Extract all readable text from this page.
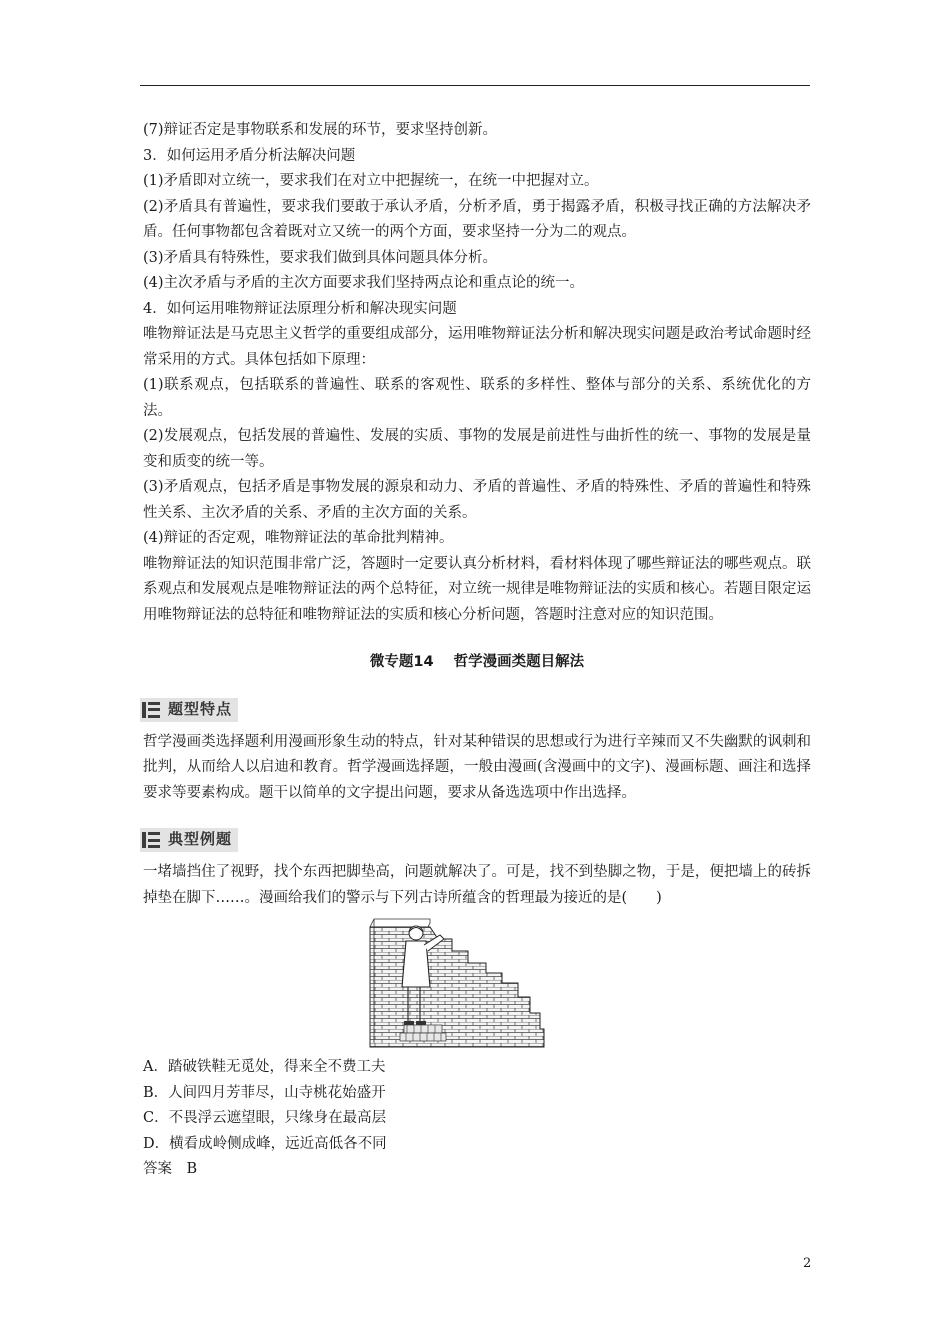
(7)辩证否定是事物联系和发展的环节，要求坚持创新。

3．如何运用矛盾分析法解决问题

(1)矛盾即对立统一，要求我们在对立中把握统一，在统一中把握对立。

(2)矛盾具有普遍性，要求我们要敢于承认矛盾，分析矛盾，勇于揭露矛盾，积极寻找正确的方法解决矛盾。任何事物都包含着既对立又统一的两个方面，要求坚持一分为二的观点。

(3)矛盾具有特殊性，要求我们做到具体问题具体分析。

(4)主次矛盾与矛盾的主次方面要求我们坚持两点论和重点论的统一。

4．如何运用唯物辩证法原理分析和解决现实问题

唯物辩证法是马克思主义哲学的重要组成部分，运用唯物辩证法分析和解决现实问题是政治考试命题时经常采用的方式。具体包括如下原理：

(1)联系观点，包括联系的普遍性、联系的客观性、联系的多样性、整体与部分的关系、系统优化的方法。

(2)发展观点，包括发展的普遍性、发展的实质、事物的发展是前进性与曲折性的统一、事物的发展是量变和质变的统一等。

(3)矛盾观点，包括矛盾是事物发展的源泉和动力、矛盾的普遍性、矛盾的特殊性、矛盾的普遍性和特殊性关系、主次矛盾的关系、矛盾的主次方面的关系。

(4)辩证的否定观，唯物辩证法的革命批判精神。

唯物辩证法的知识范围非常广泛，答题时一定要认真分析材料，看材料体现了哪些辩证法的哪些观点。联系观点和发展观点是唯物辩证法的两个总特征，对立统一规律是唯物辩证法的实质和核心。若题目限定运用唯物辩证法的总特征和唯物辩证法的实质和核心分析问题，答题时注意对应的知识范围。

微专题14 哲学漫画类题目解法

题型特点

哲学漫画类选择题利用漫画形象生动的特点，针对某种错误的思想或行为进行辛辣而又不失幽默的讽刺和批判，从而给人以启迪和教育。哲学漫画选择题，一般由漫画(含漫画中的文字)、漫画标题、画注和选择要求等要素构成。题干以简单的文字提出问题，要求从备选选项中作出选择。

典型例题

一堵墙挡住了视野，找个东西把脚垫高，问题就解决了。可是，找不到垫脚之物，于是，便把墙上的砖拆掉垫在脚下……。漫画给我们的警示与下列古诗所蕴含的哲理最为接近的是(　　)

A．踏破铁鞋无觅处，得来全不费工夫

B．人间四月芳菲尽，山寺桃花始盛开

C．不畏浮云遮望眼，只缘身在最高层

D．横看成岭侧成峰，远近高低各不同

答案　B

2
